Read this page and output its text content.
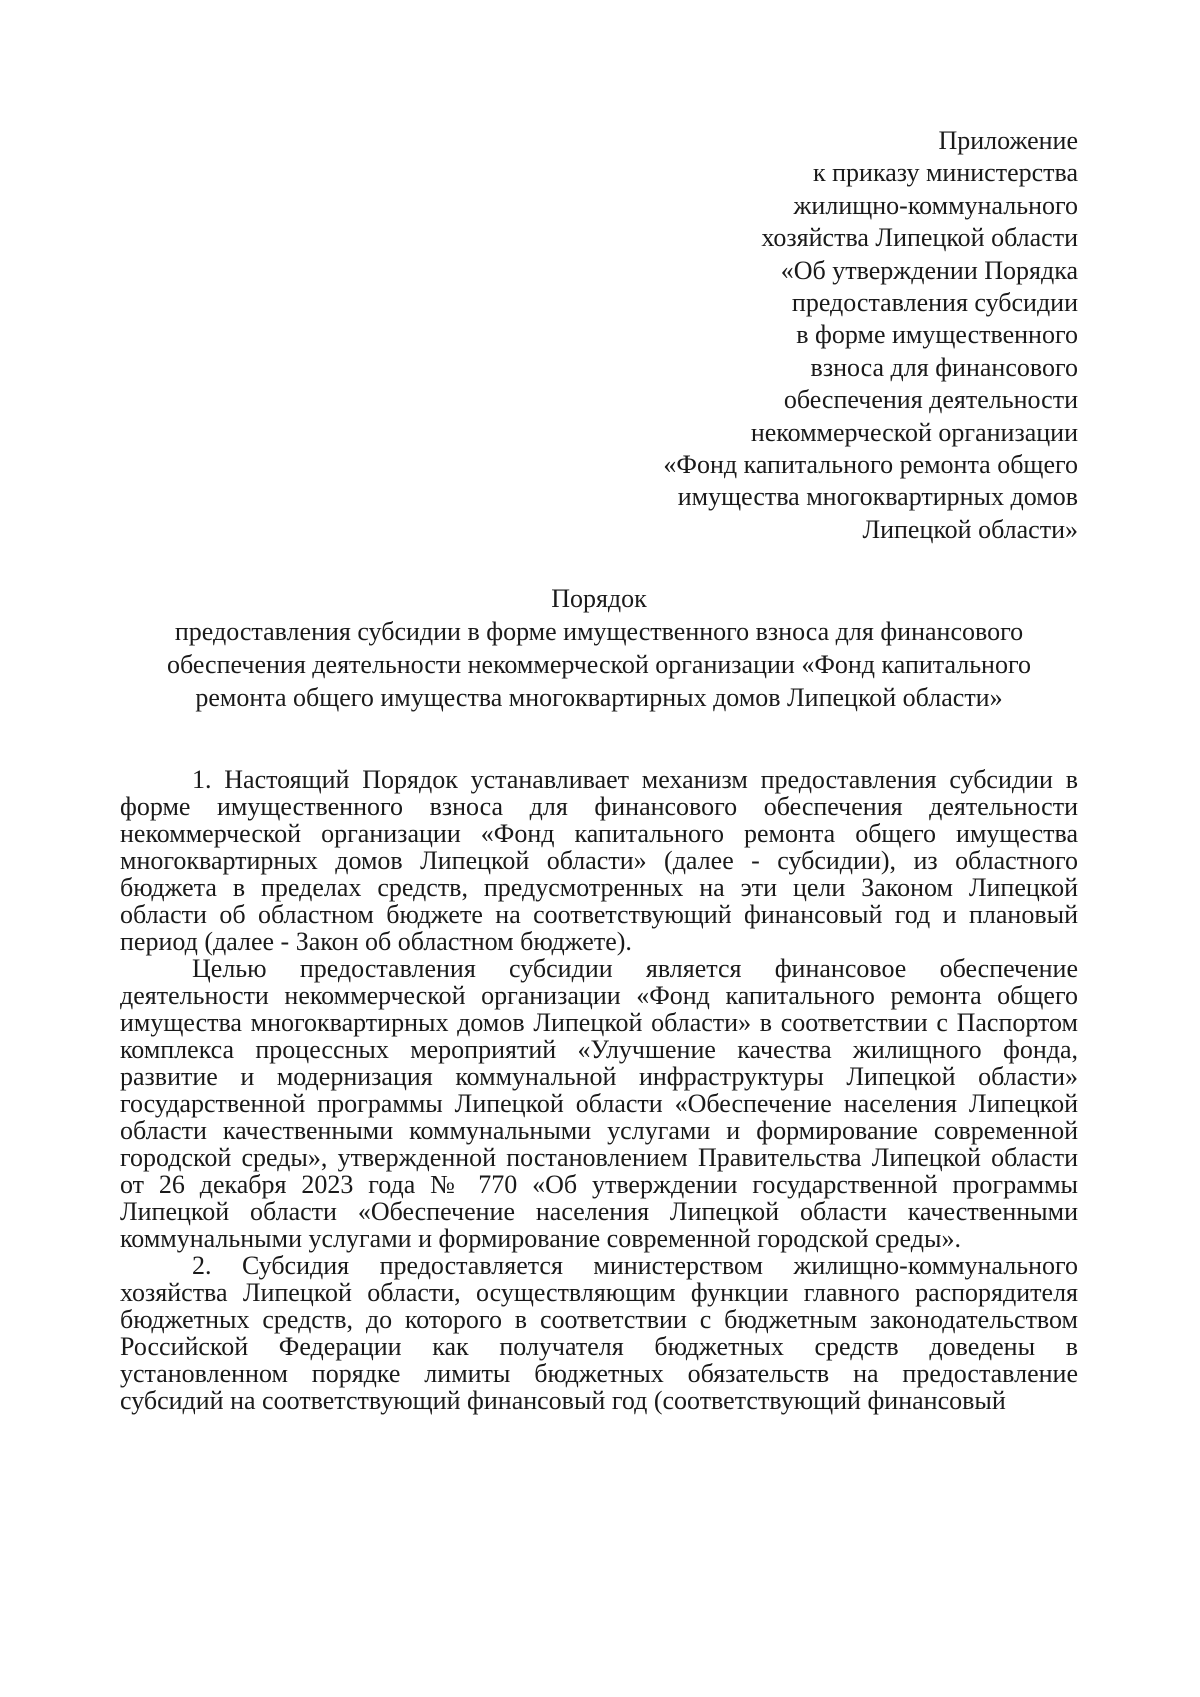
Приложение
к приказу министерства
жилищно-коммунального
хозяйства Липецкой области
«Об утверждении Порядка
предоставления субсидии
в форме имущественного
взноса для финансового
обеспечения деятельности
некоммерческой организации
«Фонд капитального ремонта общего
имущества многоквартирных домов
Липецкой области»
Порядок
предоставления субсидии в форме имущественного взноса для финансового
обеспечения деятельности некоммерческой организации «Фонд капитального
ремонта общего имущества многоквартирных домов Липецкой области»

1. Настоящий Порядок устанавливает механизм предоставления субсидии в форме имущественного взноса для финансового обеспечения деятельности некоммерческой организации «Фонд капитального ремонта общего имущества многоквартирных домов Липецкой области» (далее - субсидии), из областного бюджета в пределах средств, предусмотренных на эти цели Законом Липецкой области об областном бюджете на соответствующий финансовый год и плановый период (далее - Закон об областном бюджете).

Целью предоставления субсидии является финансовое обеспечение деятельности некоммерческой организации «Фонд капитального ремонта общего имущества многоквартирных домов Липецкой области» в соответствии с Паспортом комплекса процессных мероприятий «Улучшение качества жилищного фонда, развитие и модернизация коммунальной инфраструктуры Липецкой области» государственной программы Липецкой области «Обеспечение населения Липецкой области качественными коммунальными услугами и формирование современной городской среды», утвержденной постановлением Правительства Липецкой области от 26 декабря 2023 года № 770 «Об утверждении государственной программы Липецкой области «Обеспечение населения Липецкой области качественными коммунальными услугами и формирование современной городской среды».

2. Субсидия предоставляется министерством жилищно-коммунального хозяйства Липецкой области, осуществляющим функции главного распорядителя бюджетных средств, до которого в соответствии с бюджетным законодательством Российской Федерации как получателя бюджетных средств доведены в установленном порядке лимиты бюджетных обязательств на предоставление субсидий на соответствующий финансовый год (соответствующий финансовый
